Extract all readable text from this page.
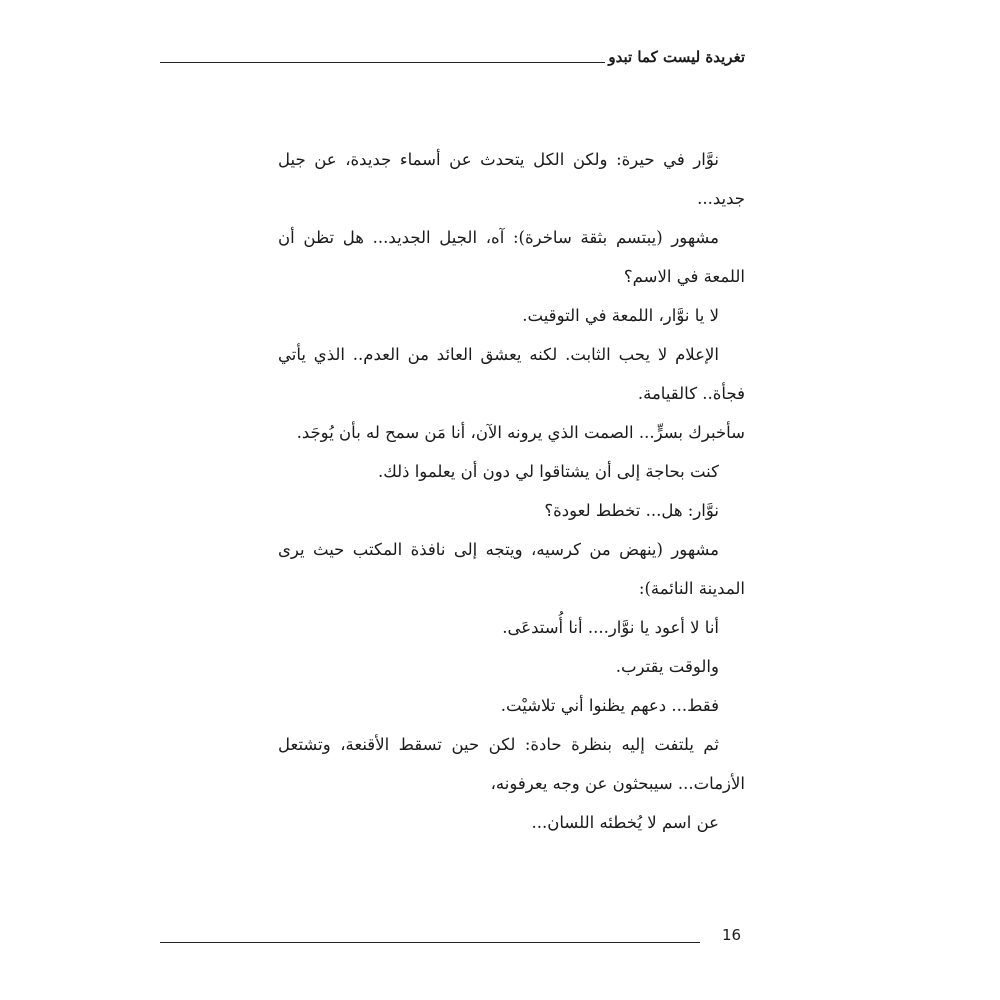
تغريدة ليست كما تبدو

نوَّار في حيرة: ولكن الكل يتحدث عن أسماء جديدة، عن جيل جديد...

مشهور (يبتسم بثقة ساخرة): آه، الجيل الجديد... هل تظن أن اللمعة في الاسم؟

لا يا نوَّار، اللمعة في التوقيت.

الإعلام لا يحب الثابت. لكنه يعشق العائد من العدم.. الذي يأتي فجأة.. كالقيامة.

سأخبرك بسرٍّ... الصمت الذي يرونه الآن، أنا مَن سمح له بأن يُوجَد.

كنت بحاجة إلى أن يشتاقوا لي دون أن يعلموا ذلك.

نوَّار: هل... تخطط لعودة؟

مشهور (ينهض من كرسيه، ويتجه إلى نافذة المكتب حيث يرى المدينة النائمة):

أنا لا أعود يا نوَّار.... أنا أُستدعَى.

والوقت يقترب.

فقط... دعهم يظنوا أني تلاشيْت.

ثم يلتفت إليه بنظرة حادة: لكن حين تسقط الأقنعة، وتشتعل الأزمات... سيبحثون عن وجه يعرفونه،

عن اسم لا يُخطئه اللسان...

16
